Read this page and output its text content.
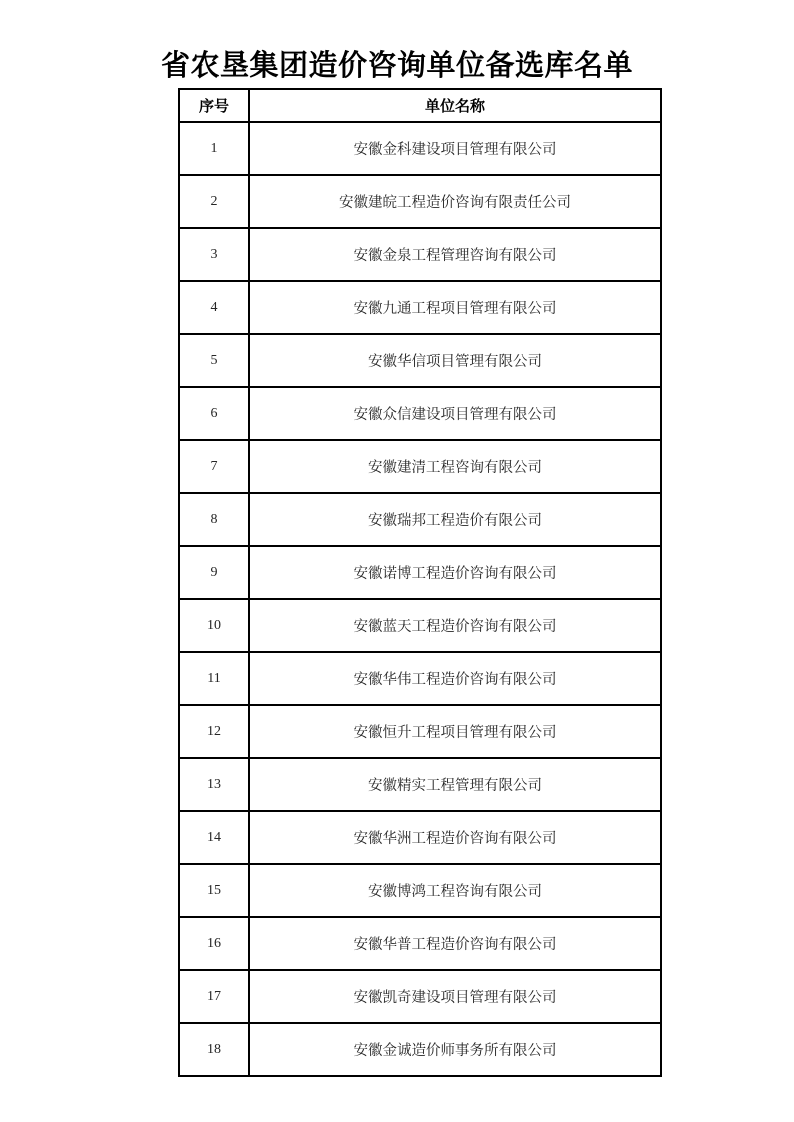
省农垦集团造价咨询单位备选库名单
序号	单位名称
1	安徽金科建设项目管理有限公司
2	安徽建皖工程造价咨询有限责任公司
3	安徽金泉工程管理咨询有限公司
4	安徽九通工程项目管理有限公司
5	安徽华信项目管理有限公司
6	安徽众信建设项目管理有限公司
7	安徽建清工程咨询有限公司
8	安徽瑞邦工程造价有限公司
9	安徽诺博工程造价咨询有限公司
10	安徽蓝天工程造价咨询有限公司
11	安徽华伟工程造价咨询有限公司
12	安徽恒升工程项目管理有限公司
13	安徽精实工程管理有限公司
14	安徽华洲工程造价咨询有限公司
15	安徽博鸿工程咨询有限公司
16	安徽华普工程造价咨询有限公司
17	安徽凯奇建设项目管理有限公司
18	安徽金诚造价师事务所有限公司
